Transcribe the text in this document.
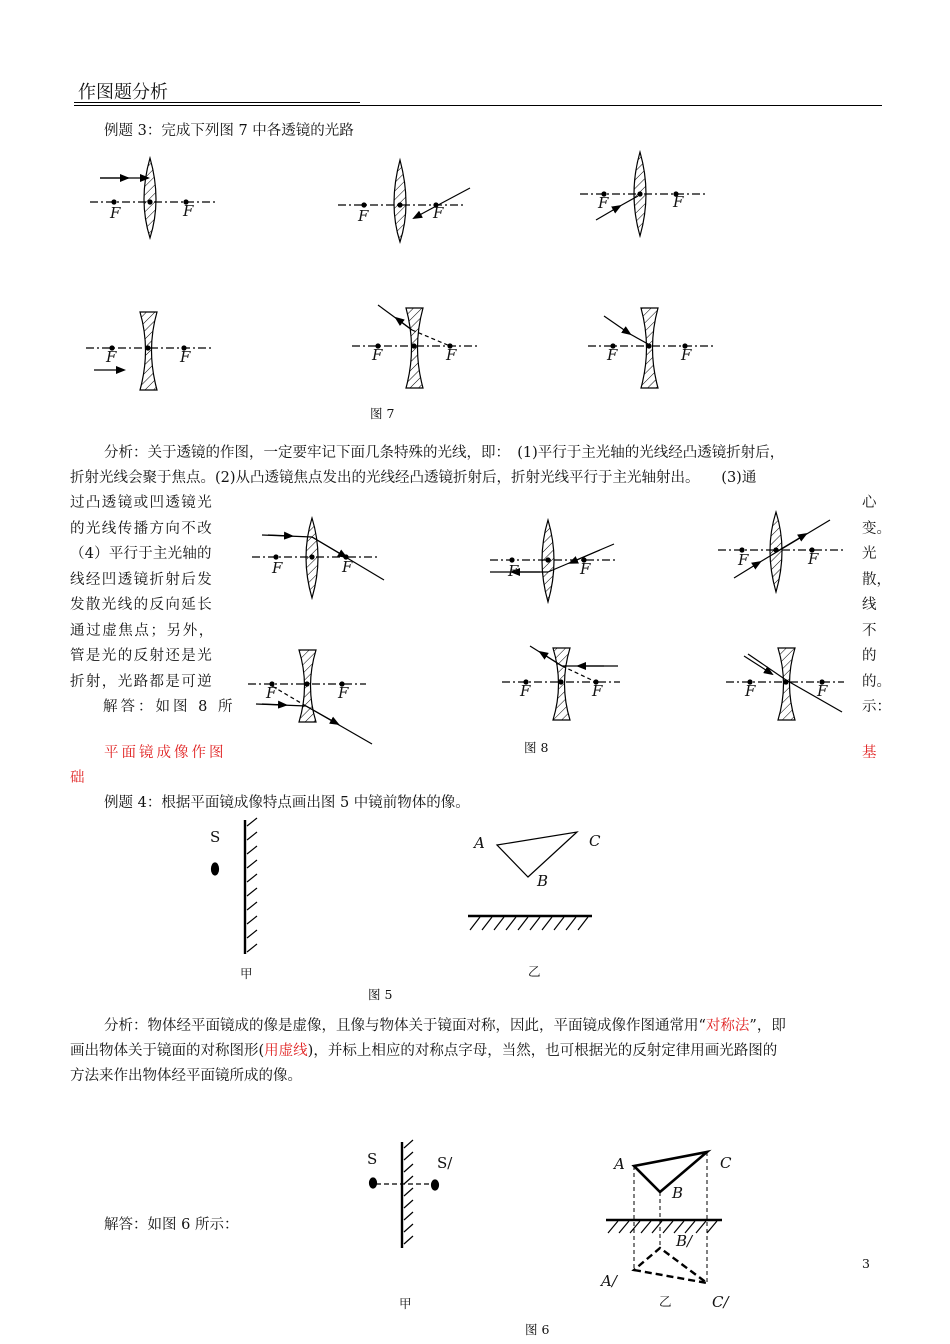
作图题分析
例题 3：完成下列图 7 中各透镜的光路
F	F	F	F
F	F
F	F	F	F	F	F
图 7
分析：关于透镜的作图，一定要牢记下面几条特殊的光线，即：　(1)平行于主光轴的光线经凸透镜折射后，
折射光线会聚于焦点。(2)从凸透镜焦点发出的光线经凸透镜折射后，折射光线平行于主光轴射出。　　(3)通
过凸透镜或凹透镜光
的光线传播方向不改
（4）平行于主光轴的
线经凹透镜折射后发
发散光线的反向延长
通过虚焦点；另外，
管是光的反射还是光
折射，光路都是可逆
解答：如图 8 所
心
变。
光
散，
线
不
的
的。
示：
F	F	F	F	F	F
F	F	F	F	F	F
图 8
平面镜成像作图	基
础
例题 4：根据平面镜成像特点画出图 5 中镜前物体的像。
S	A	C
B
甲	乙
图 5
分析：物体经平面镜成的像是虚像，且像与物体关于镜面对称，因此，平面镜成像作图通常用“对称法”，即
画出物体关于镜面的对称图形(用虚线)，并标上相应的对称点字母，当然，也可根据光的反射定律用画光路图的
方法来作出物体经平面镜所成的像。
解答：如图 6 所示：
S	S/	A	C
B
B/
A/
C/
甲	乙
图 6
3
